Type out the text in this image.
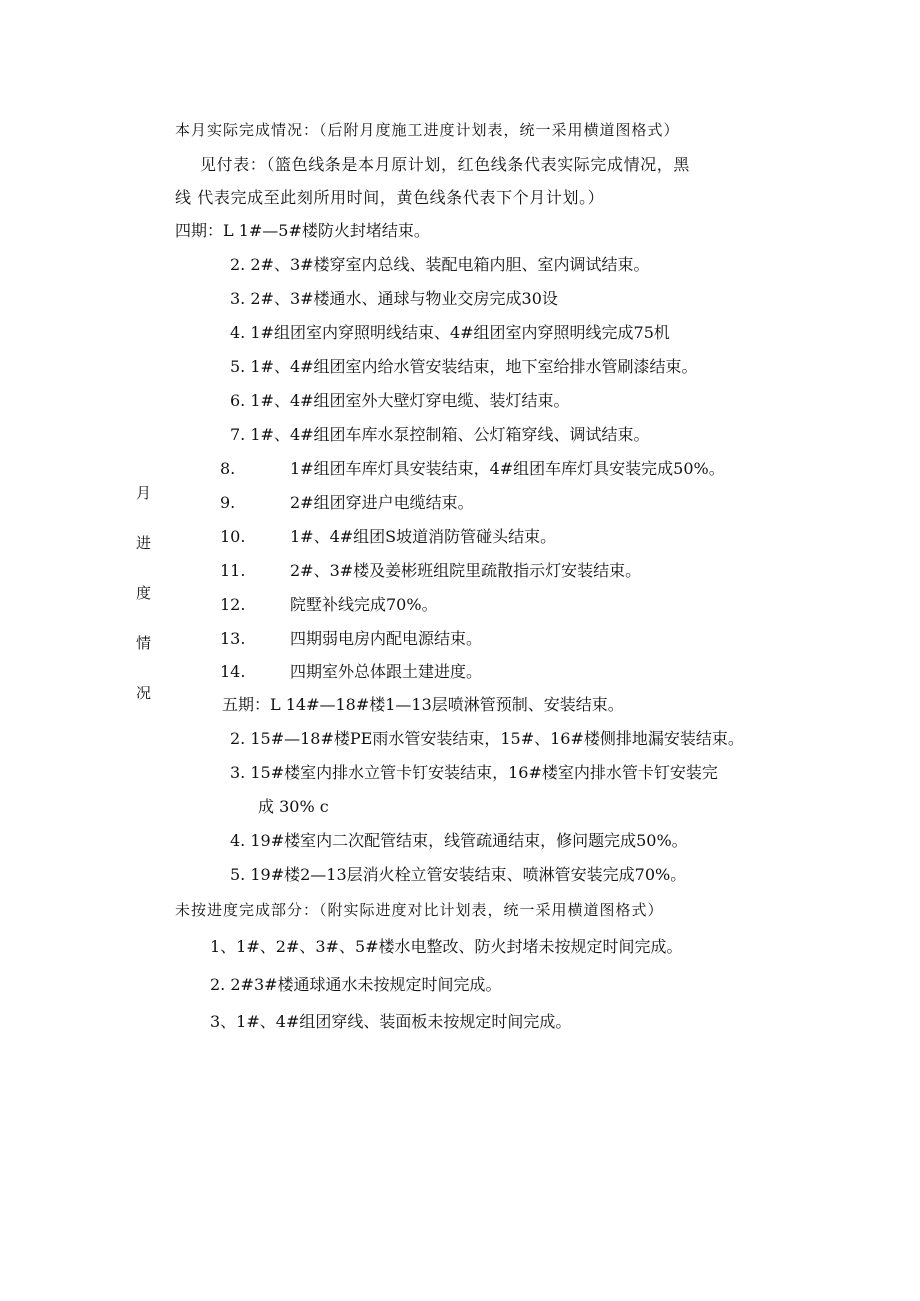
本月实际完成情况：（后附月度施工进度计划表，统一采用横道图格式）
见付表：（篮色线条是本月原计划，红色线条代表实际完成情况，黑
线 代表完成至此刻所用时间，黄色线条代表下个月计划。）
四期：L 1#—5#楼防火封堵结束。
2. 2#、3#楼穿室内总线、装配电箱内胆、室内调试结束。
3. 2#、3#楼通水、通球与物业交房完成30设
4. 1#组团室内穿照明线结束、4#组团室内穿照明线完成75机
5. 1#、4#组团室内给水管安装结束，地下室给排水管刷漆结束。
6. 1#、4#组团室外大壁灯穿电缆、装灯结束。
7. 1#、4#组团车库水泵控制箱、公灯箱穿线、调试结束。
8.	1#组团车库灯具安装结束，4#组团车库灯具安装完成50%。
9.	2#组团穿进户电缆结束。
10.	1#、4#组团S坡道消防管碰头结束。
11.	2#、3#楼及姜彬班组院里疏散指示灯安装结束。
12.	院墅补线完成70%。
13.	四期弱电房内配电源结束。
14.	四期室外总体跟土建进度。
月
进
度
情
况
五期：L 14#—18#楼1—13层喷淋管预制、安装结束。
2. 15#—18#楼PE雨水管安装结束，15#、16#楼侧排地漏安装结束。
3. 15#楼室内排水立管卡钉安装结束，16#楼室内排水管卡钉安装完
成 30% c
4. 19#楼室内二次配管结束，线管疏通结束，修问题完成50%。
5. 19#楼2—13层消火栓立管安装结束、喷淋管安装完成70%。
未按进度完成部分：（附实际进度对比计划表，统一采用横道图格式）
1、1#、2#、3#、5#楼水电整改、防火封堵未按规定时间完成。
2. 2#3#楼通球通水未按规定时间完成。
3、1#、4#组团穿线、装面板未按规定时间完成。
